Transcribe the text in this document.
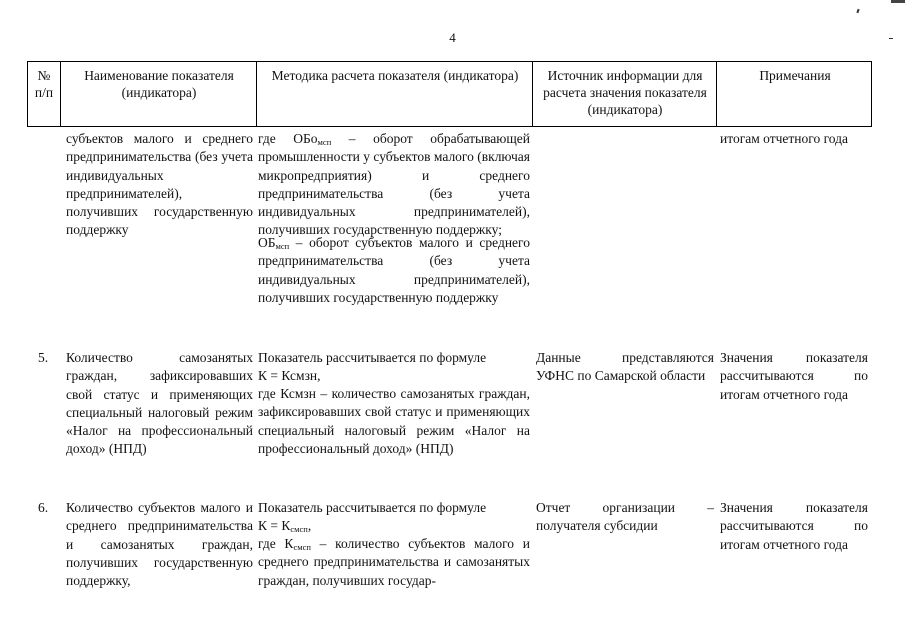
4
№ п/п
Наименование показателя (индикатора)
Методика расчета показателя (индикатора)	Источник информации для расчета значения показателя (индикатора)
Примечания
субъектов малого и среднего предпринимательства (без учета индивидуальных предпринимателей), получивших государственную поддержку
где ОБо$_{мсп}$ – оборот обрабатывающей промышленности у субъектов малого (включая микропредприятия) и среднего предпринимательства (без учета индивидуальных предпринимателей), получивших государственную поддержку;
$ОБ_{мсп}$ – оборот субъектов малого и среднего предпринимательства (без учета индивидуальных предпринимателей), получивших государственную поддержку
итогам отчетного года
5. Количество самозанятых граждан, зафиксировавших свой статус и применяющих специальный налоговый режим «Налог на профессиональный доход» (НПД)
Показатель рассчитывается по формуле
К = Ксмзн,
где Ксмзн – количество самозанятых граждан, зафиксировавших свой статус и применяющих специальный налоговый режим «Налог на профессиональный доход» (НПД)
Данные представляются УФНС по Самарской области
Значения показателя рассчитываются по итогам отчетного года
6. Количество субъектов малого и среднего предпринимательства и самозанятых граждан, получивших государственную поддержку,
Показатель рассчитывается по формуле
$К = К_{смсп}$,
где $К_{смсп}$ – количество субъектов малого и среднего предпринимательства и самозанятых граждан, получивших государ-
Отчет организации – получателя субсидии
Значения показателя рассчитываются по итогам отчетного года
